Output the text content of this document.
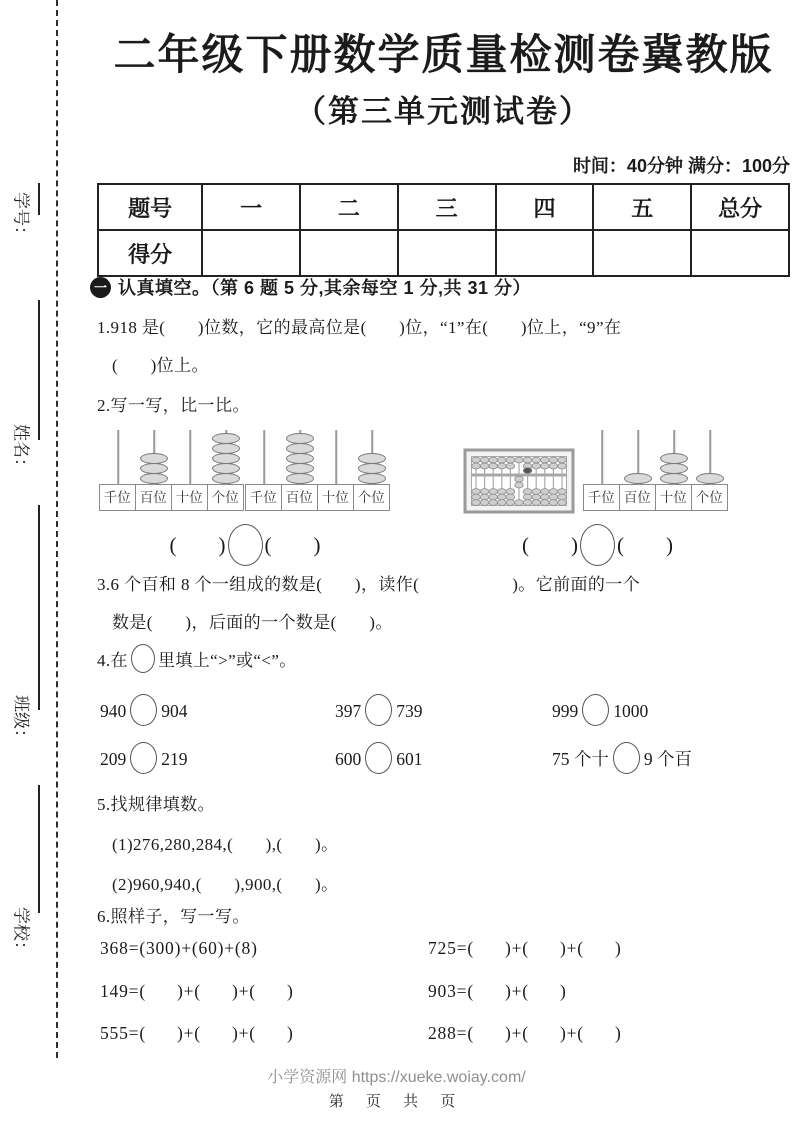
学号：
姓名：
班级：
学校：
二年级下册数学质量检测卷冀教版
（第三单元测试卷）
时间：40分钟 满分：100分
题号	一	二	三	四	五	总分
得分						
一 认真填空。（第 6 题 5 分,其余每空 1 分,共 31 分）
1.918 是(       )位数，它的最高位是(       )位，“1”在(       )位上，“9”在
(       )位上。
2.写一写，比一比。
千位 百位 十位 个位 千位 百位 十位 个位
(        ) (        )
千位 百位 十位 个位
(        ) (        )
3.6 个百和 8 个一组成的数是(       )，读作(                    )。它前面的一个
数是(       )，后面的一个数是(       )。
4.在 里填上“>”或“<”。
940 904	397 739	999 1000
209 219	600 601	75 个十 9 个百
5.找规律填数。
(1)276,280,284,(       ),(       )。
(2)960,940,(       ),900,(       )。
6.照样子，写一写。
368=(300)+(60)+(8)	725=(      )+(      )+(      )
149=(      )+(      )+(      )	903=(      )+(      )
555=(      )+(      )+(      )	288=(      )+(      )+(      )
小学资源网 https://xueke.woiay.com/
第 页 共 页
